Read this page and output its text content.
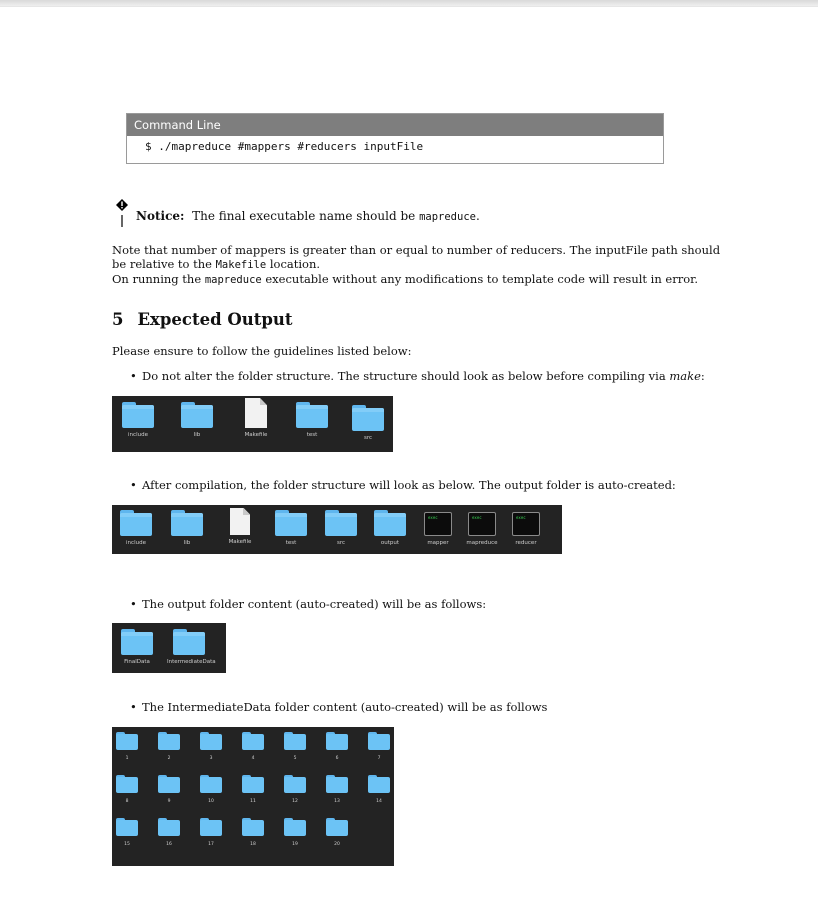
Command Line
$ ./mapreduce #mappers #reducers inputFile
Notice: The final executable name should be mapreduce.
Note that number of mappers is greater than or equal to number of reducers. The inputFile path should
be relative to the Makefile location.
On running the mapreduce executable without any modifications to template code will result in error.
5 Expected Output
Please ensure to follow the guidelines listed below:
• Do not alter the folder structure. The structure should look as below before compiling via make:
include	lib	Makefile	test	src
• After compilation, the folder structure will look as below. The output folder is auto-created:
include	lib	Makefile	test	src	output
exec	mapper
exec	mapreduce
exec	reducer
• The output folder content (auto-created) will be as follows:
FinalData	IntermediateData
• The IntermediateData folder content (auto-created) will be as follows
1	2	3	4	5	6	7
8	9	10	11	12	13	14
15	16	17	18	19	20
